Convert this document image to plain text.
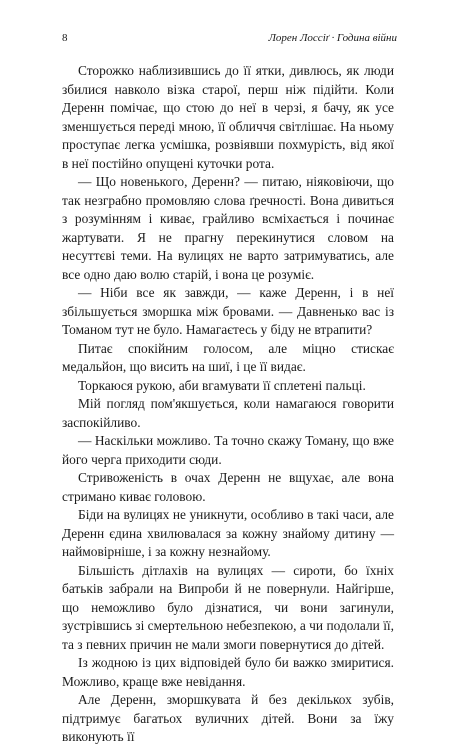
8	Лорен Лоссіґ · Година війни

Сторожко наблизившись до її ятки, дивлюсь, як люди збилися навколо візка старої, перш ніж підійти. Коли Деренн помічає, що стою до неї в черзі, я бачу, як усе зменшується переді мною, її обличчя світлішає. На ньому проступає легка усмішка, розвіявши похмурість, від якої в неї постійно опущені куточки рота.

— Що новенького, Деренн? — питаю, ніяковіючи, що так незграбно промовляю слова ґречності. Вона дивиться з розумінням і киває, грайливо всміхається і починає жартувати. Я не прагну перекинутися словом на несуттєві теми. На вулицях не варто затримуватись, але все одно даю волю старій, і вона це розуміє.

— Ніби все як завжди, — каже Деренн, і в неї збільшується зморшка між бровами. — Давненько вас із Томаном тут не було. Намагаєтесь у біду не втрапити?

Питає спокійним голосом, але міцно стискає медальйон, що висить на шиї, і це її видає.

Торкаюся рукою, аби вгамувати її сплетені пальці.

Мій погляд пом'якшується, коли намагаюся говорити заспокійливо.

— Наскільки можливо. Та точно скажу Томану, що вже його черга приходити сюди.

Стривоженість в очах Деренн не вщухає, але вона стримано киває головою.

Біди на вулицях не уникнути, особливо в такі часи, але Деренн єдина хвилювалася за кожну знайому дитину — наймовірніше, і за кожну незнайому.

Більшість дітлахів на вулицях — сироти, бо їхніх батьків забрали на Випроби й не повернули. Найгірше, що неможливо було дізнатися, чи вони загинули, зустрівшись зі смертельною небезпекою, а чи подолали її, та з певних причин не мали змоги повернутися до дітей.

Із жодною із цих відповідей було би важко змиритися. Можливо, краще вже невідання.

Але Деренн, зморшкувата й без декількох зубів, підтримує багатьох вуличних дітей. Вони за їжу виконують її
